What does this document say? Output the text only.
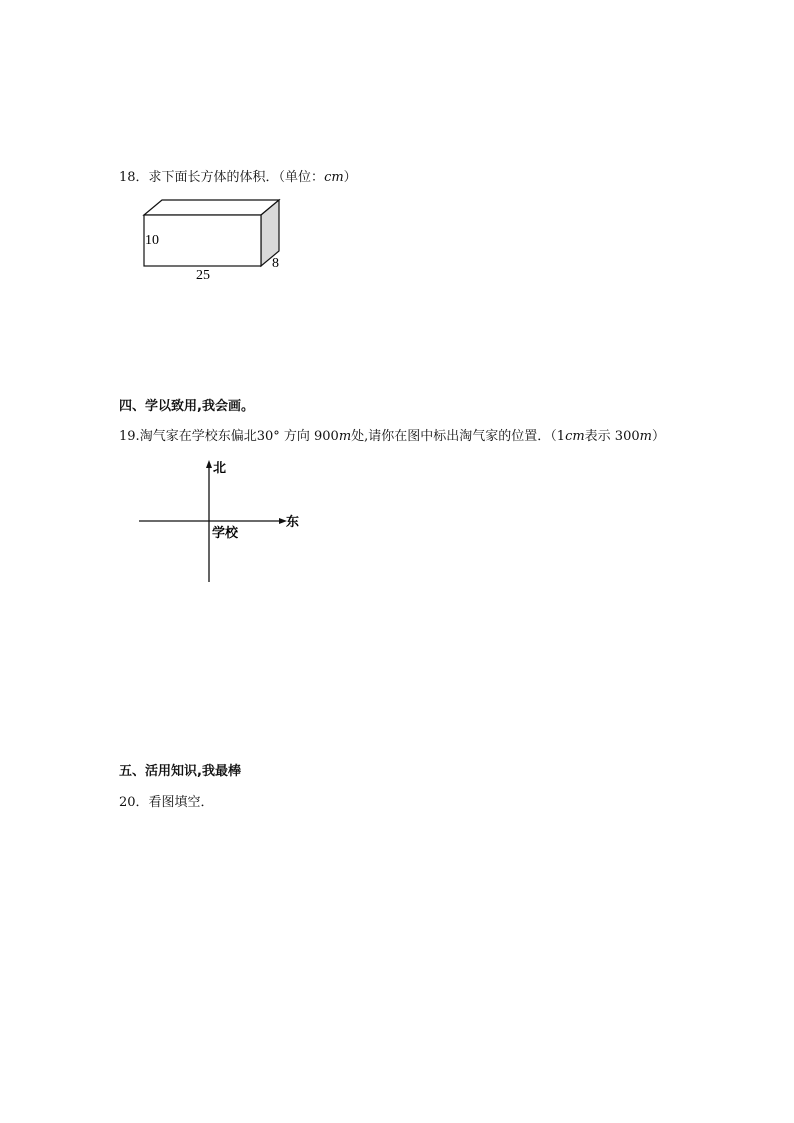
18．求下面长方体的体积．（单位：cm）
10
25
8
四、学以致用,我会画。
19.淘气家在学校东偏北30° 方向 900m处,请你在图中标出淘气家的位置．（1cm表示 300m）
北
东
学校
五、活用知识,我最棒
20．看图填空．
